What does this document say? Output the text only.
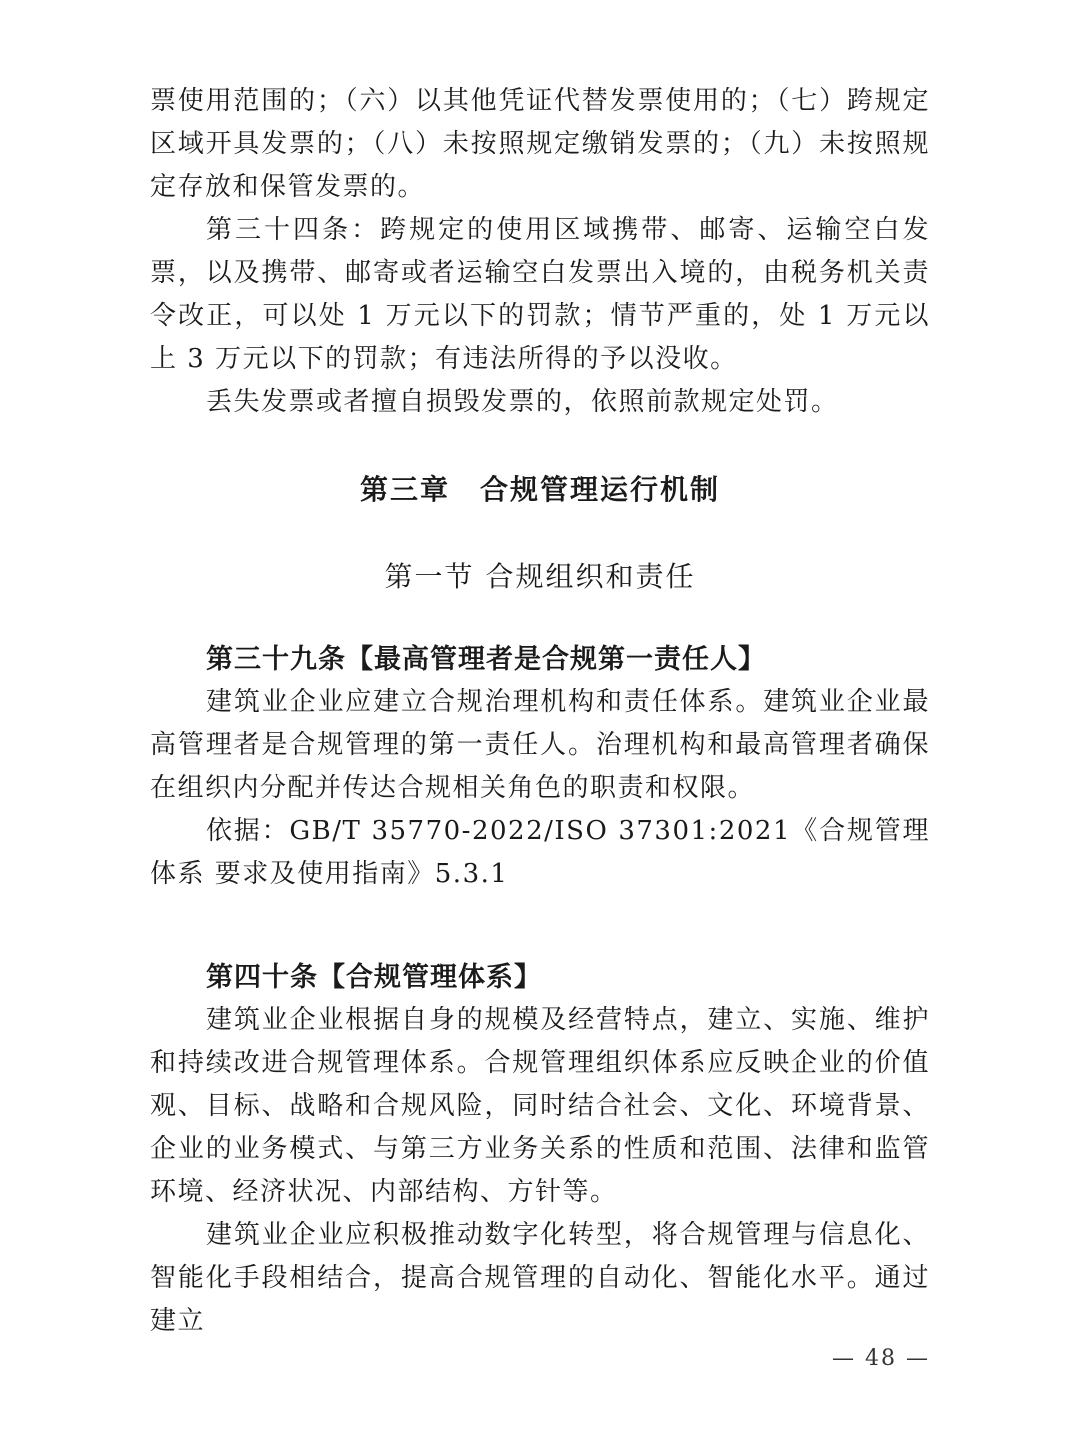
票使用范围的；（六）以其他凭证代替发票使用的；（七）跨规定区域开具发票的；（八）未按照规定缴销发票的；（九）未按照规定存放和保管发票的。

第三十四条：跨规定的使用区域携带、邮寄、运输空白发票，以及携带、邮寄或者运输空白发票出入境的，由税务机关责令改正，可以处 1 万元以下的罚款；情节严重的，处 1 万元以上 3 万元以下的罚款；有违法所得的予以没收。

丢失发票或者擅自损毁发票的，依照前款规定处罚。

第三章　合规管理运行机制
第一节 合规组织和责任
第三十九条【最高管理者是合规第一责任人】

建筑业企业应建立合规治理机构和责任体系。建筑业企业最高管理者是合规管理的第一责任人。治理机构和最高管理者确保在组织内分配并传达合规相关角色的职责和权限。

依据：GB/T 35770-2022/ISO 37301:2021《合规管理体系 要求及使用指南》5.3.1

第四十条【合规管理体系】

建筑业企业根据自身的规模及经营特点，建立、实施、维护和持续改进合规管理体系。合规管理组织体系应反映企业的价值观、目标、战略和合规风险，同时结合社会、文化、环境背景、企业的业务模式、与第三方业务关系的性质和范围、法律和监管环境、经济状况、内部结构、方针等。

建筑业企业应积极推动数字化转型，将合规管理与信息化、智能化手段相结合，提高合规管理的自动化、智能化水平。通过建立

— 48 —
